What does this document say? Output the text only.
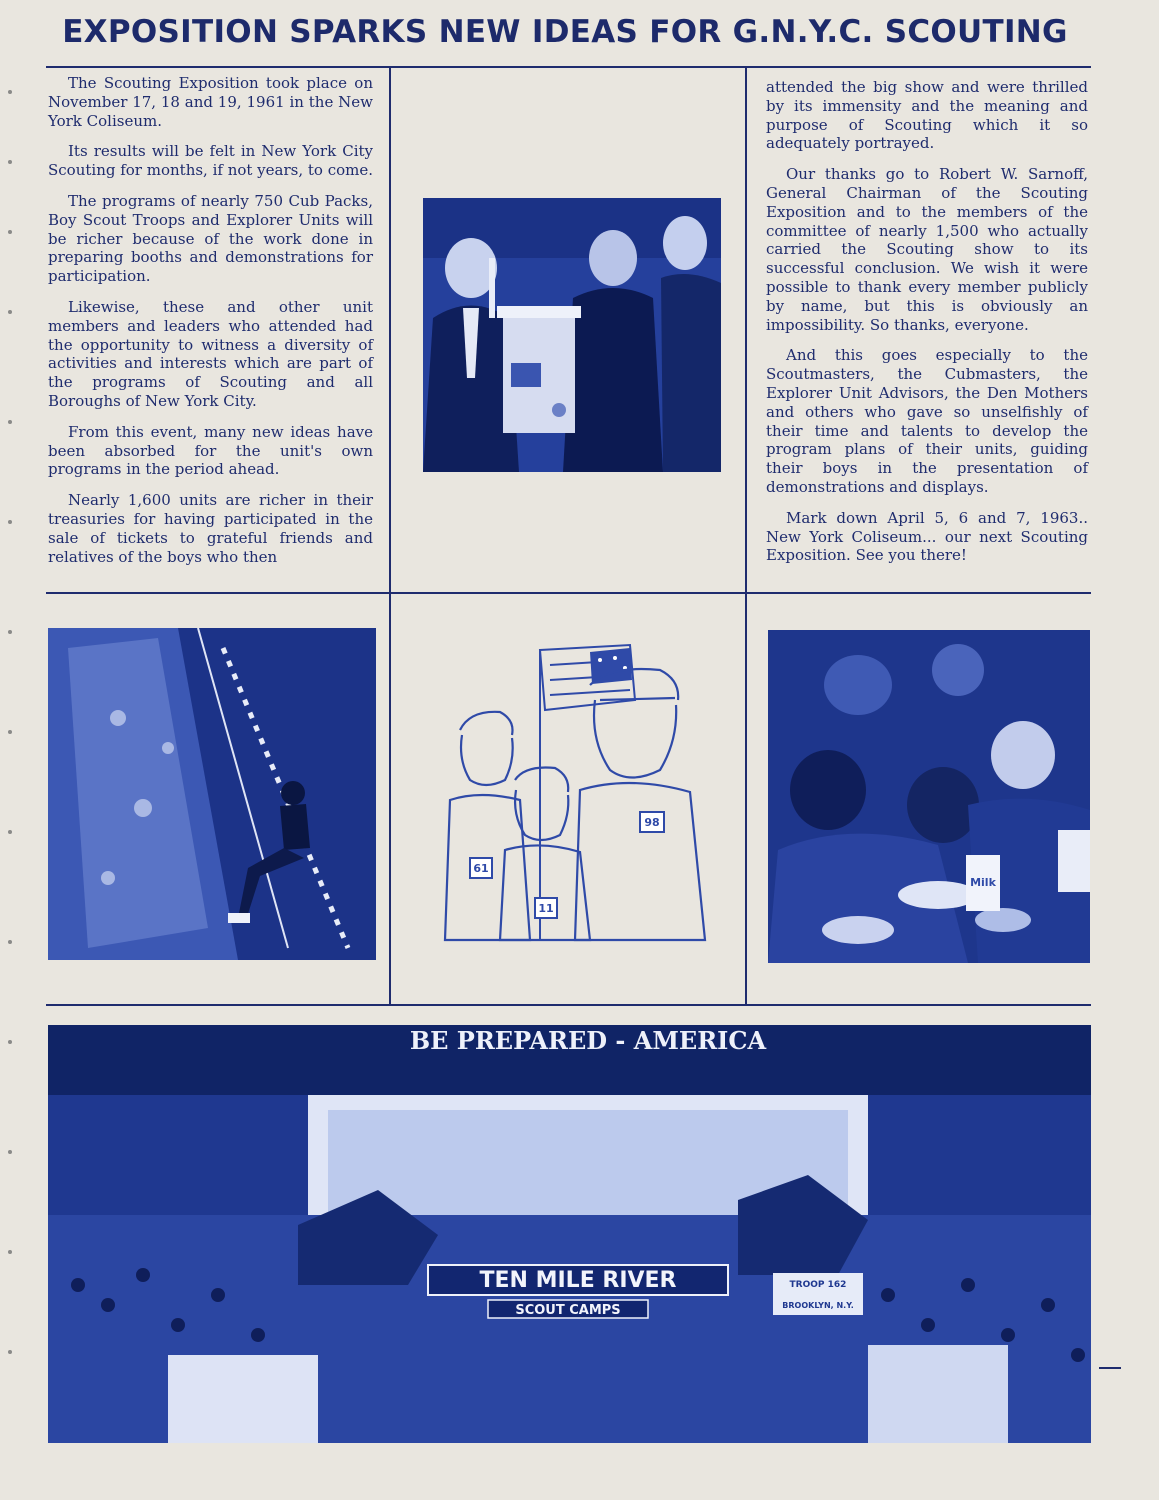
EXPOSITION SPARKS NEW IDEAS FOR G.N.Y.C. SCOUTING

The Scouting Exposition took place on November 17, 18 and 19, 1961 in the New York Coliseum.

Its results will be felt in New York City Scouting for months, if not years, to come.

The programs of nearly 750 Cub Packs, Boy Scout Troops and Explorer Units will be richer because of the work done in preparing booths and demonstrations for participation.

Likewise, these and other unit members and leaders who attended had the opportunity to witness a diversity of activities and interests which are part of the programs of Scouting and all Boroughs of New York City.

From this event, many new ideas have been absorbed for the unit's own programs in the period ahead.

Nearly 1,600 units are richer in their treasuries for having participated in the sale of tickets to grateful friends and relatives of the boys who then

attended the big show and were thrilled by its immensity and the meaning and purpose of Scouting which it so adequately portrayed.

Our thanks go to Robert W. Sarnoff, General Chairman of the Scouting Exposition and to the members of the committee of nearly 1,500 who actually carried the Scouting show to its successful conclusion. We wish it were possible to thank every member publicly by name, but this is obviously an impossibility. So thanks, everyone.

And this goes especially to the Scoutmasters, the Cubmasters, the Explorer Unit Advisors, the Den Mothers and others who gave so unselfishly of their time and talents to develop the program plans of their units, guiding their boys in the presentation of demonstrations and displays.

Mark down April 5, 6 and 7, 1963.. New York Coliseum... our next Scouting Exposition. See you there!

61
11
98
Milk
BE PREPARED - AMERICA
TEN MILE RIVER
SCOUT CAMPS
TROOP 162
BROOKLYN, N.Y.
